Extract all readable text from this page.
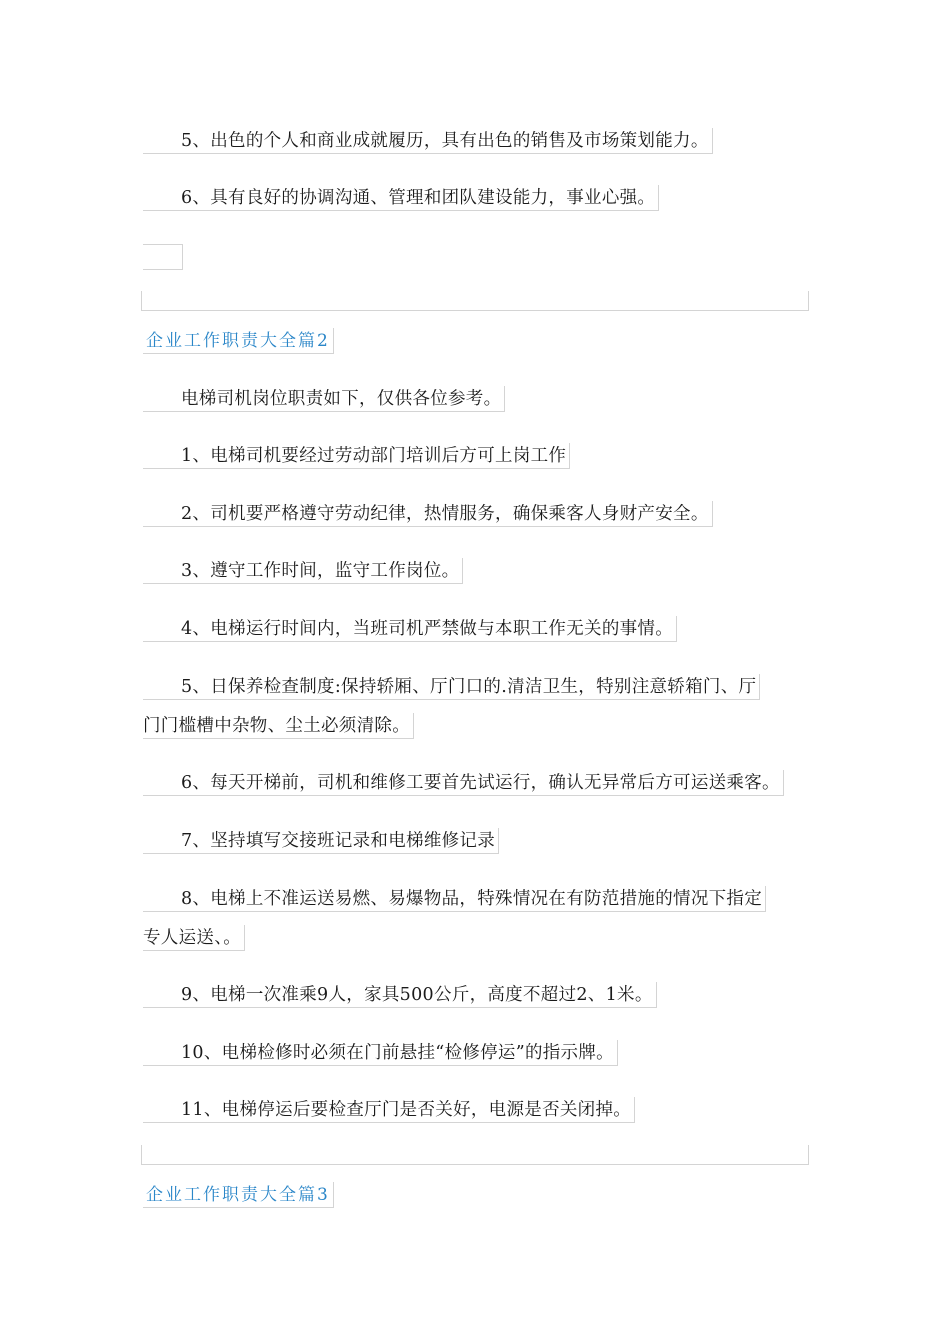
5、出色的个人和商业成就履历，具有出色的销售及市场策划能力。
6、具有良好的协调沟通、管理和团队建设能力，事业心强。
企业工作职责大全篇2
电梯司机岗位职责如下，仅供各位参考。
1、电梯司机要经过劳动部门培训后方可上岗工作
2、司机要严格遵守劳动纪律，热情服务，确保乘客人身财产安全。
3、遵守工作时间，监守工作岗位。
4、电梯运行时间内，当班司机严禁做与本职工作无关的事情。
5、日保养检查制度:保持轿厢、厅门口的.清洁卫生，特别注意轿箱门、厅
门门槛槽中杂物、尘土必须清除。
6、每天开梯前，司机和维修工要首先试运行，确认无异常后方可运送乘客。
7、坚持填写交接班记录和电梯维修记录
8、电梯上不准运送易燃、易爆物品，特殊情况在有防范措施的情况下指定
专人运送、。
9、电梯一次准乘9人，家具500公斤，高度不超过2、1米。
10、电梯检修时必须在门前悬挂“检修停运”的指示牌。
11、电梯停运后要检查厅门是否关好，电源是否关闭掉。
企业工作职责大全篇3
